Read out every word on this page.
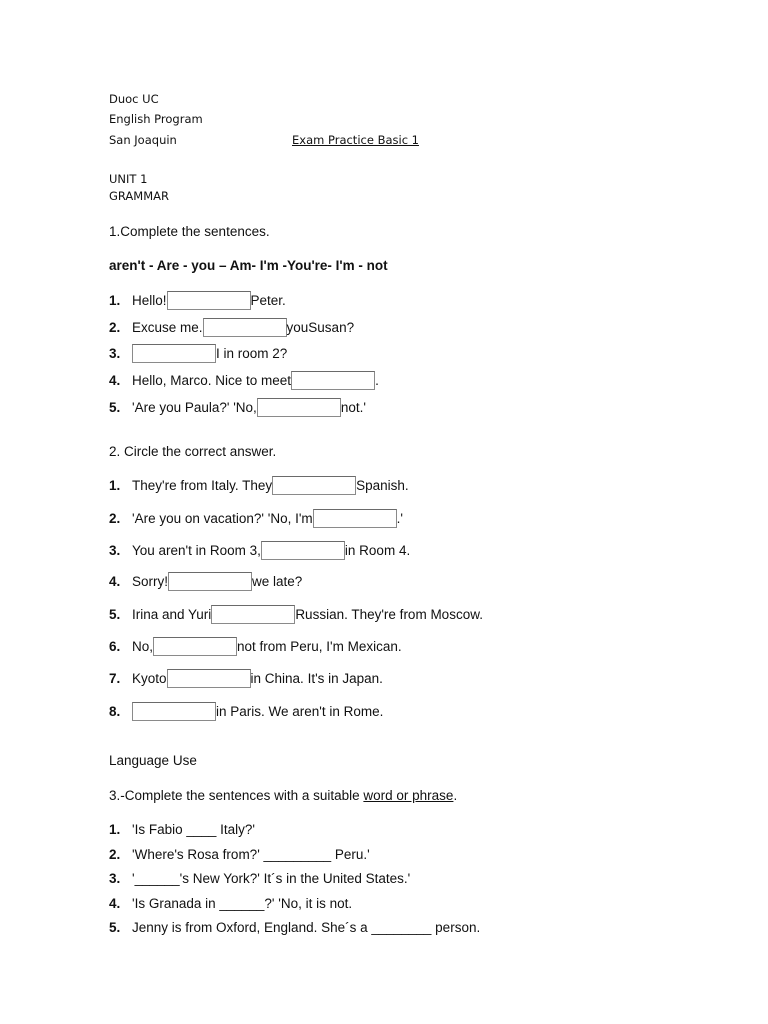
Duoc UC
English Program
San Joaquin	Exam Practice Basic 1
UNIT 1
GRAMMAR
1.Complete the sentences.
aren't - Are - you – Am- I'm -You're- I'm - not
1. Hello!	Peter.
2. Excuse me.	youSusan?
3.	I in room 2?
4. Hello, Marco. Nice to meet	.
5. 'Are you Paula?' 'No,	not.'
2. Circle the correct answer.
1. They're from Italy. They	Spanish.
2. 'Are you on vacation?' 'No, I'm	.'
3. You aren't in Room 3,	in Room 4.
4. Sorry!	we late?
5. Irina and Yuri	Russian. They're from Moscow.
6. No,	not from Peru, I'm Mexican.
7. Kyoto	in China. It's in Japan.
8.	in Paris. We aren't in Rome.
Language Use
3.-Complete the sentences with a suitable word or phrase.
1. 'Is Fabio ____ Italy?'
2. 'Where's Rosa from?' _________ Peru.'
3. '______'s New York?' It´s in the United States.'
4. 'Is Granada in ______?' 'No, it is not.
5. Jenny is from Oxford, England. She´s a ________ person.
